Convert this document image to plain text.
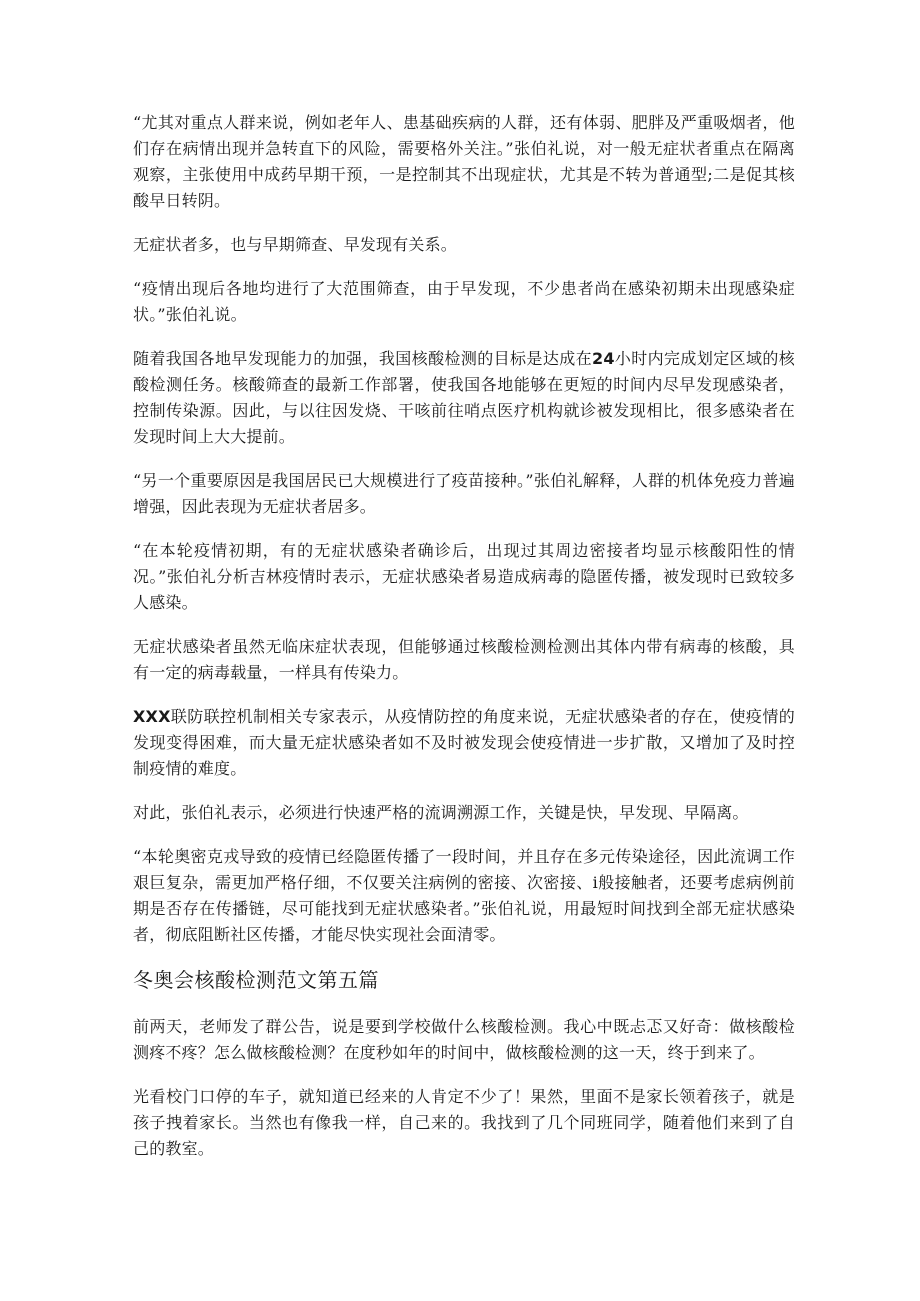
“尤其对重点人群来说，例如老年人、患基础疾病的人群，还有体弱、肥胖及严重吸烟者，他们存在病情出现并急转直下的风险，需要格外关注。”张伯礼说，对一般无症状者重点在隔离观察，主张使用中成药早期干预，一是控制其不出现症状，尤其是不转为普通型;二是促其核酸早日转阴。

无症状者多，也与早期筛查、早发现有关系。

“疫情出现后各地均进行了大范围筛查，由于早发现，不少患者尚在感染初期未出现感染症状。”张伯礼说。

随着我国各地早发现能力的加强，我国核酸检测的目标是达成在24小时内完成划定区域的核酸检测任务。核酸筛查的最新工作部署，使我国各地能够在更短的时间内尽早发现感染者，控制传染源。因此，与以往因发烧、干咳前往哨点医疗机构就诊被发现相比，很多感染者在发现时间上大大提前。

“另一个重要原因是我国居民已大规模进行了疫苗接种。”张伯礼解释，人群的机体免疫力普遍增强，因此表现为无症状者居多。

“在本轮疫情初期，有的无症状感染者确诊后，出现过其周边密接者均显示核酸阳性的情况。”张伯礼分析吉林疫情时表示，无症状感染者易造成病毒的隐匿传播，被发现时已致较多人感染。

无症状感染者虽然无临床症状表现，但能够通过核酸检测检测出其体内带有病毒的核酸，具有一定的病毒载量，一样具有传染力。

XXX联防联控机制相关专家表示，从疫情防控的角度来说，无症状感染者的存在，使疫情的发现变得困难，而大量无症状感染者如不及时被发现会使疫情进一步扩散，又增加了及时控制疫情的难度。

对此，张伯礼表示，必须进行快速严格的流调溯源工作，关键是快，早发现、早隔离。

“本轮奥密克戎导致的疫情已经隐匿传播了一段时间，并且存在多元传染途径，因此流调工作艰巨复杂，需更加严格仔细，不仅要关注病例的密接、次密接、i般接触者，还要考虑病例前期是否存在传播链，尽可能找到无症状感染者。”张伯礼说，用最短时间找到全部无症状感染者，彻底阻断社区传播，才能尽快实现社会面清零。

冬奥会核酸检测范文第五篇

前两天，老师发了群公告，说是要到学校做什么核酸检测。我心中既忐忑又好奇：做核酸检测疼不疼？怎么做核酸检测？在度秒如年的时间中，做核酸检测的这一天，终于到来了。

光看校门口停的车子，就知道已经来的人肯定不少了！果然，里面不是家长领着孩子，就是孩子拽着家长。当然也有像我一样，自己来的。我找到了几个同班同学，随着他们来到了自己的教室。
